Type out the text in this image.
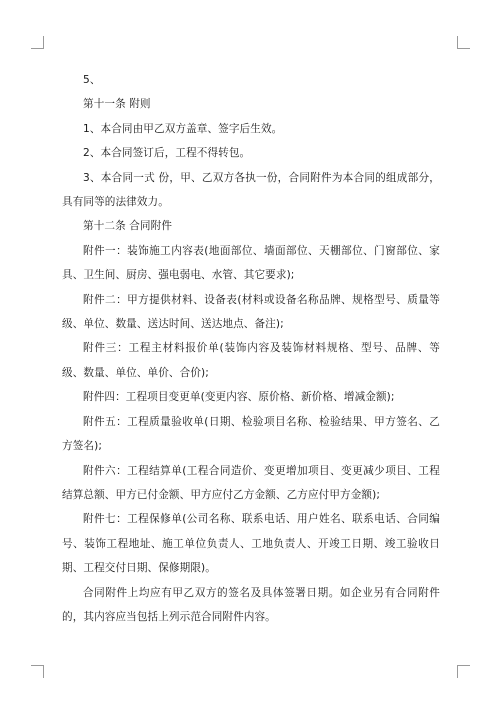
5、

第十一条 附则

1、本合同由甲乙双方盖章、签字后生效。

2、本合同签订后，工程不得转包。

3、本合同一式 份，甲、乙双方各执一份，合同附件为本合同的组成部分，具有同等的法律效力。

第十二条 合同附件

附件一：装饰施工内容表(地面部位、墙面部位、天棚部位、门窗部位、家具、卫生间、厨房、强电弱电、水管、其它要求);

附件二：甲方提供材料、设备表(材料或设备名称品牌、规格型号、质量等级、单位、数量、送达时间、送达地点、备注);

附件三：工程主材料报价单(装饰内容及装饰材料规格、型号、品牌、等级、数量、单位、单价、合价);

附件四：工程项目变更单(变更内容、原价格、新价格、增减金额);

附件五：工程质量验收单(日期、检验项目名称、检验结果、甲方签名、乙方签名);

附件六：工程结算单(工程合同造价、变更增加项目、变更减少项目、工程结算总额、甲方已付金额、甲方应付乙方金额、乙方应付甲方金额);

附件七：工程保修单(公司名称、联系电话、用户姓名、联系电话、合同编号、装饰工程地址、施工单位负责人、工地负责人、开竣工日期、竣工验收日期、工程交付日期、保修期限)。

合同附件上均应有甲乙双方的签名及具体签署日期。如企业另有合同附件的，其内容应当包括上列示范合同附件内容。
